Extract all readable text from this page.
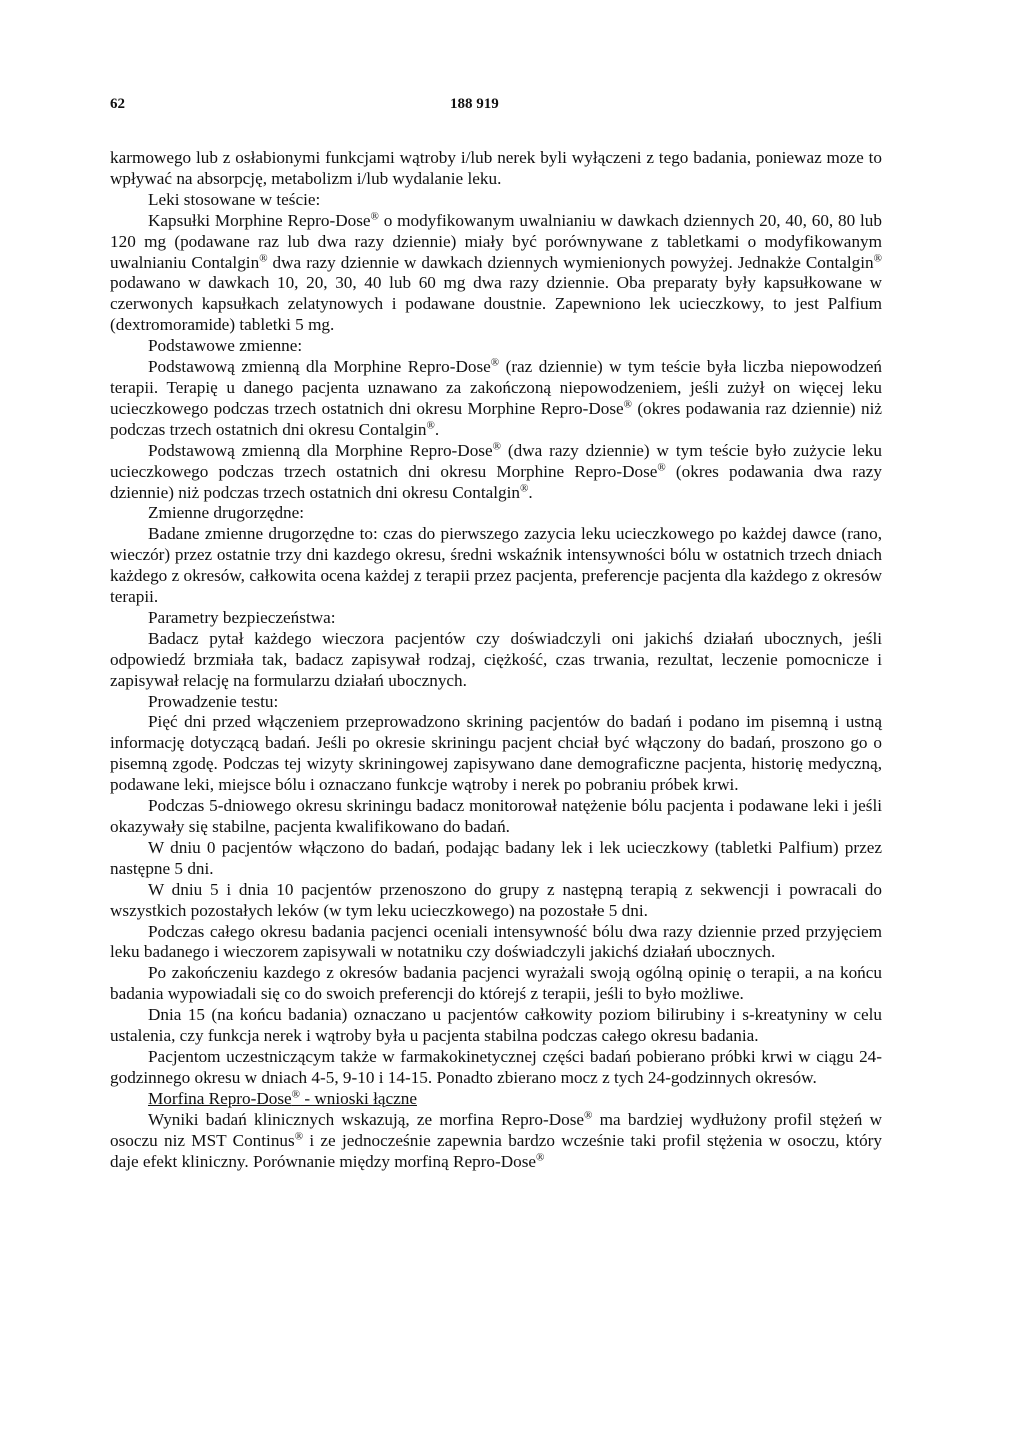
62	188 919

karmowego lub z osłabionymi funkcjami wątroby i/lub nerek byli wyłączeni z tego badania, poniewaz moze to wpływać na absorpcję, metabolizm i/lub wydalanie leku.

Leki stosowane w teście:

Kapsułki Morphine Repro-Dose® o modyfikowanym uwalnianiu w dawkach dziennych 20, 40, 60, 80 lub 120 mg (podawane raz lub dwa razy dziennie) miały być porównywane z tabletkami o modyfikowanym uwalnianiu Contalgin® dwa razy dziennie w dawkach dziennych wymienionych powyżej. Jednakże Contalgin® podawano w dawkach 10, 20, 30, 40 lub 60 mg dwa razy dziennie. Oba preparaty były kapsułkowane w czerwonych kapsułkach zelatynowych i podawane doustnie. Zapewniono lek ucieczkowy, to jest Palfium (dextromoramide) tabletki 5 mg.

Podstawowe zmienne:

Podstawową zmienną dla Morphine Repro-Dose® (raz dziennie) w tym teście była liczba niepowodzeń terapii. Terapię u danego pacjenta uznawano za zakończoną niepowodzeniem, jeśli zużył on więcej leku ucieczkowego podczas trzech ostatnich dni okresu Morphine Repro-Dose® (okres podawania raz dziennie) niż podczas trzech ostatnich dni okresu Contalgin®.

Podstawową zmienną dla Morphine Repro-Dose® (dwa razy dziennie) w tym teście było zużycie leku ucieczkowego podczas trzech ostatnich dni okresu Morphine Repro-Dose® (okres podawania dwa razy dziennie) niż podczas trzech ostatnich dni okresu Contalgin®.

Zmienne drugorzędne:

Badane zmienne drugorzędne to: czas do pierwszego zazycia leku ucieczkowego po każdej dawce (rano, wieczór) przez ostatnie trzy dni kazdego okresu, średni wskaźnik intensywności bólu w ostatnich trzech dniach każdego z okresów, całkowita ocena każdej z terapii przez pacjenta, preferencje pacjenta dla każdego z okresów terapii.

Parametry bezpieczeństwa:

Badacz pytał każdego wieczora pacjentów czy doświadczyli oni jakichś działań ubocznych, jeśli odpowiedź brzmiała tak, badacz zapisywał rodzaj, ciężkość, czas trwania, rezultat, leczenie pomocnicze i zapisywał relację na formularzu działań ubocznych.

Prowadzenie testu:

Pięć dni przed włączeniem przeprowadzono skrining pacjentów do badań i podano im pisemną i ustną informację dotyczącą badań. Jeśli po okresie skriningu pacjent chciał być włączony do badań, proszono go o pisemną zgodę. Podczas tej wizyty skriningowej zapisywano dane demograficzne pacjenta, historię medyczną, podawane leki, miejsce bólu i oznaczano funkcje wątroby i nerek po pobraniu próbek krwi.

Podczas 5-dniowego okresu skriningu badacz monitorował natężenie bólu pacjenta i podawane leki i jeśli okazywały się stabilne, pacjenta kwalifikowano do badań.

W dniu 0 pacjentów włączono do badań, podając badany lek i lek ucieczkowy (tabletki Palfium) przez następne 5 dni.

W dniu 5 i dnia 10 pacjentów przenoszono do grupy z następną terapią z sekwencji i powracali do wszystkich pozostałych leków (w tym leku ucieczkowego) na pozostałe 5 dni.

Podczas całego okresu badania pacjenci oceniali intensywność bólu dwa razy dziennie przed przyjęciem leku badanego i wieczorem zapisywali w notatniku czy doświadczyli jakichś działań ubocznych.

Po zakończeniu kazdego z okresów badania pacjenci wyrażali swoją ogólną opinię o terapii, a na końcu badania wypowiadali się co do swoich preferencji do którejś z terapii, jeśli to było możliwe.

Dnia 15 (na końcu badania) oznaczano u pacjentów całkowity poziom bilirubiny i s-kreatyniny w celu ustalenia, czy funkcja nerek i wątroby była u pacjenta stabilna podczas całego okresu badania.

Pacjentom uczestniczącym także w farmakokinetycznej części badań pobierano próbki krwi w ciągu 24-godzinnego okresu w dniach 4-5, 9-10 i 14-15. Ponadto zbierano mocz z tych 24-godzinnych okresów.

Morfina Repro-Dose® - wnioski łączne

Wyniki badań klinicznych wskazują, ze morfina Repro-Dose® ma bardziej wydłużony profil stężeń w osoczu niz MST Continus® i ze jednocześnie zapewnia bardzo wcześnie taki profil stężenia w osoczu, który daje efekt kliniczny. Porównanie między morfiną Repro-Dose®
